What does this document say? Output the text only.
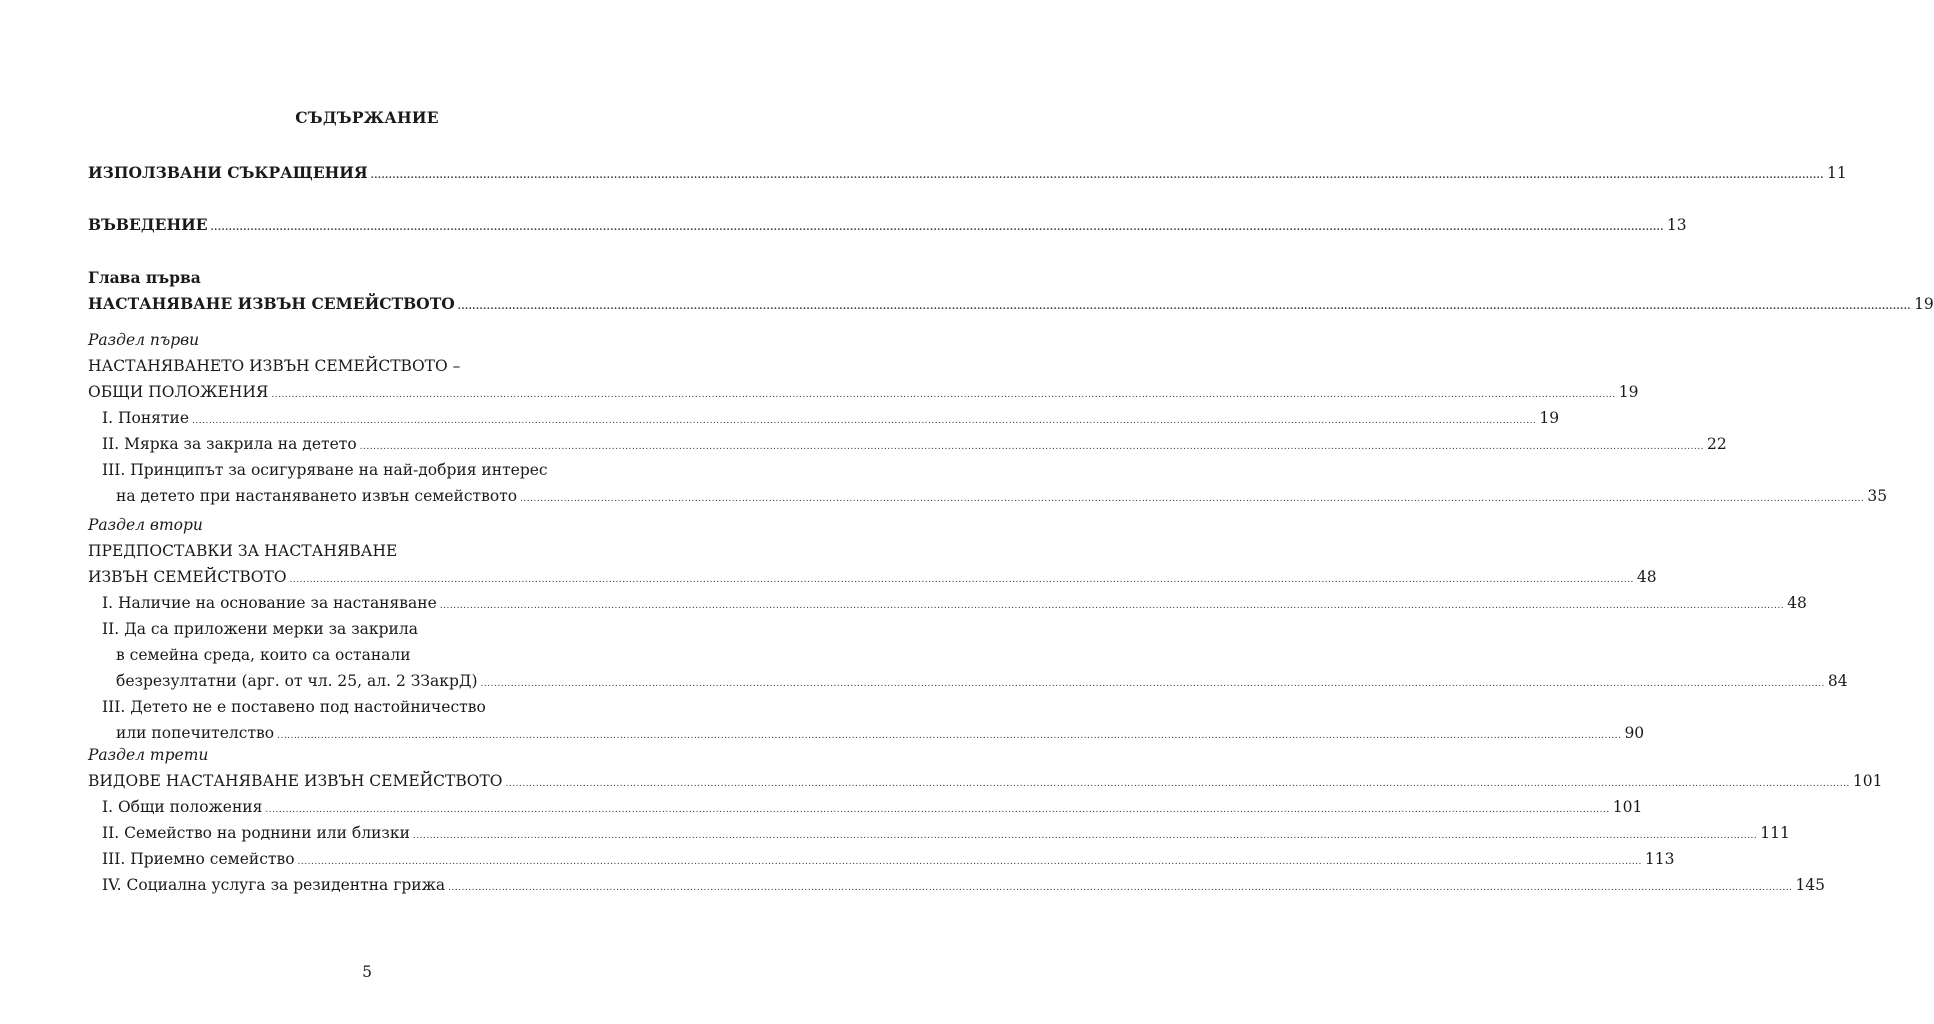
СЪДЪРЖАНИЕ
ИЗПОЛЗВАНИ СЪКРАЩЕНИЯ ................................................................................................................................................................................................................................................................................................................................................................................................................ 11
ВЪВЕДЕНИЕ ................................................................................................................................................................................................................................................................................................................................................................................................................ 13
Глава първа
НАСТАНЯВАНЕ ИЗВЪН СЕМЕЙСТВОТО ................................................................................................................................................................................................................................................................................................................................................................................................................ 19
Раздел първи
НАСТАНЯВАНЕТО ИЗВЪН СЕМЕЙСТВОТО –
ОБЩИ ПОЛОЖЕНИЯ ................................................................................................................................................................................................................................................................................................................................................................................................................ 19
I. Понятие ................................................................................................................................................................................................................................................................................................................................................................................................................ 19
II. Мярка за закрила на детето ................................................................................................................................................................................................................................................................................................................................................................................................................ 22
III. Принципът за осигуряване на най-добрия интерес
на детето при настаняването извън семейството ................................................................................................................................................................................................................................................................................................................................................................................................................ 35
Раздел втори
ПРЕДПОСТАВКИ ЗА НАСТАНЯВАНЕ
ИЗВЪН СЕМЕЙСТВОТО ................................................................................................................................................................................................................................................................................................................................................................................................................ 48
I. Наличие на основание за настаняване ................................................................................................................................................................................................................................................................................................................................................................................................................ 48
II. Да са приложени мерки за закрила
в семейна среда, които са останали
безрезултатни (арг. от чл. 25, ал. 2 ЗЗакрД) ................................................................................................................................................................................................................................................................................................................................................................................................................ 84
III. Детето не е поставено под настойничество
или попечителство ................................................................................................................................................................................................................................................................................................................................................................................................................ 90
Раздел трети
ВИДОВЕ НАСТАНЯВАНЕ ИЗВЪН СЕМЕЙСТВОТО ................................................................................................................................................................................................................................................................................................................................................................................................................ 101
I. Общи положения ................................................................................................................................................................................................................................................................................................................................................................................................................ 101
II. Семейство на роднини или близки ................................................................................................................................................................................................................................................................................................................................................................................................................ 111
III. Приемно семейство ................................................................................................................................................................................................................................................................................................................................................................................................................ 113
IV. Социална услуга за резидентна грижа ................................................................................................................................................................................................................................................................................................................................................................................................................ 145
5
